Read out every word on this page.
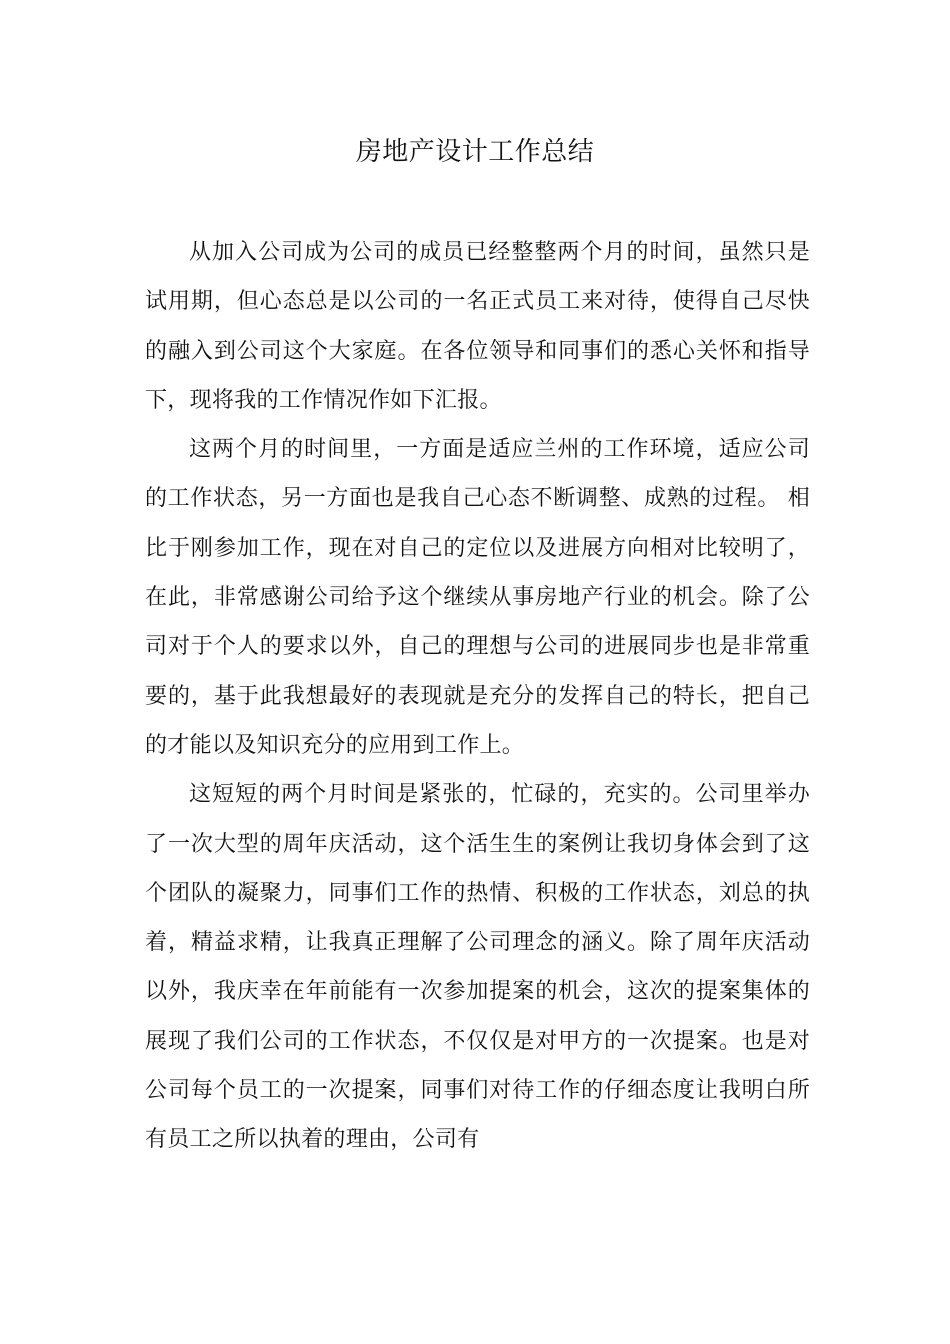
房地产设计工作总结

从加入公司成为公司的成员已经整整两个月的时间，虽然只是试用期，但心态总是以公司的一名正式员工来对待，使得自己尽快的融入到公司这个大家庭。在各位领导和同事们的悉心关怀和指导下，现将我的工作情况作如下汇报。

这两个月的时间里，一方面是适应兰州的工作环境，适应公司的工作状态，另一方面也是我自己心态不断调整、成熟的过程。 相比于刚参加工作，现在对自己的定位以及进展方向相对比较明了，在此，非常感谢公司给予这个继续从事房地产行业的机会。除了公司对于个人的要求以外，自己的理想与公司的进展同步也是非常重要的，基于此我想最好的表现就是充分的发挥自己的特长，把自己的才能以及知识充分的应用到工作上。

这短短的两个月时间是紧张的，忙碌的，充实的。公司里举办了一次大型的周年庆活动，这个活生生的案例让我切身体会到了这个团队的凝聚力，同事们工作的热情、积极的工作状态，刘总的执着，精益求精，让我真正理解了公司理念的涵义。除了周年庆活动以外，我庆幸在年前能有一次参加提案的机会，这次的提案集体的展现了我们公司的工作状态，不仅仅是对甲方的一次提案。也是对公司每个员工的一次提案，同事们对待工作的仔细态度让我明白所有员工之所以执着的理由，公司有
